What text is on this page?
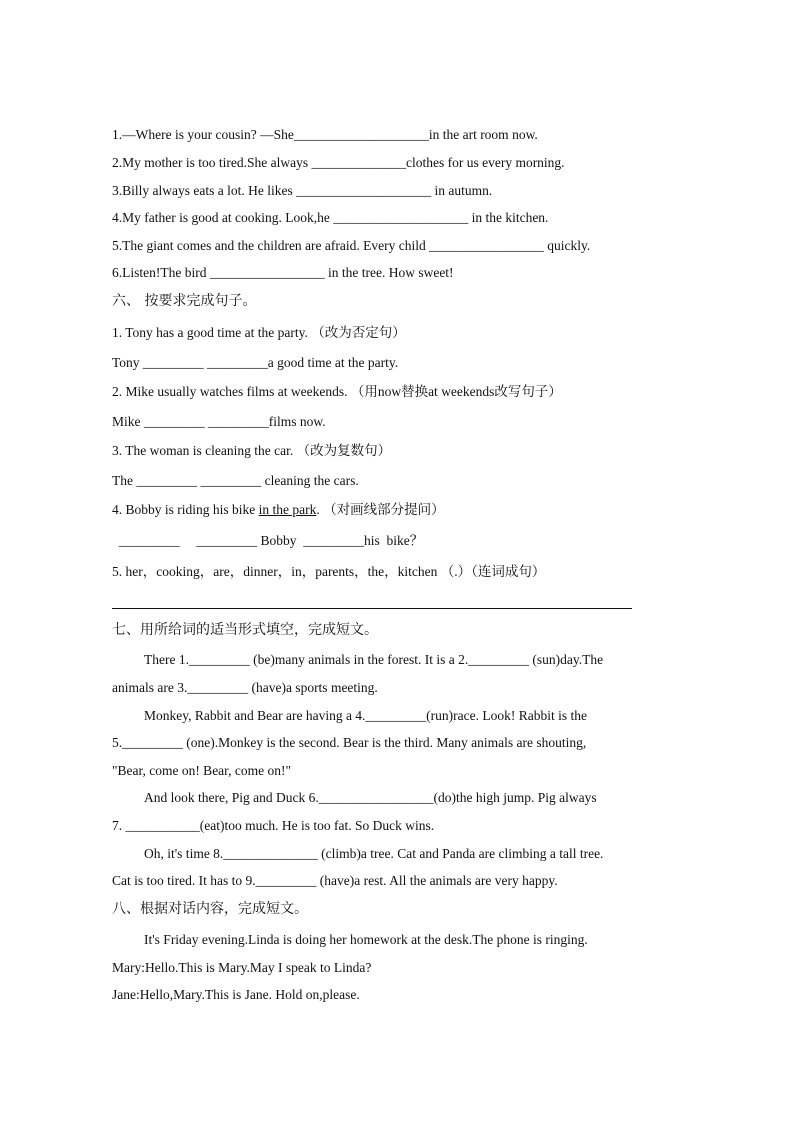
1.—Where is your cousin? —She____________________in the art room now.
2.My mother is too tired.She always ______________clothes for us every morning.
3.Billy always eats a lot. He likes ____________________ in autumn.
4.My father is good at cooking. Look,he ____________________ in the kitchen.
5.The giant comes and the children are afraid. Every child _________________ quickly.
6.Listen!The bird _________________ in the tree. How sweet!
六、 按要求完成句子。
1. Tony has a good time at the party. （改为否定句）
Tony _________ _________a good time at the party.
2. Mike usually watches films at weekends. （用now替换at weekends改写句子）
Mike _________ _________films now.
3. The woman is cleaning the car. （改为复数句）
The _________ _________ cleaning the cars.
4. Bobby is riding his bike in the park. （对画线部分提问）
_________     _________ Bobby  _________his  bike？
5. her，cooking，are，dinner，in，parents，the，kitchen （.）（连词成句）
七、用所给词的适当形式填空，完成短文。
There 1._________ (be)many animals in the forest. It is a 2._________ (sun)day.The
animals are 3._________ (have)a sports meeting.
Monkey, Rabbit and Bear are having a 4._________(run)race. Look! Rabbit is the
5._________ (one).Monkey is the second. Bear is the third. Many animals are shouting,
"Bear, come on! Bear, come on!"
And look there, Pig and Duck 6._________________(do)the high jump. Pig always
7. ___________(eat)too much. He is too fat. So Duck wins.
Oh, it's time 8.______________ (climb)a tree. Cat and Panda are climbing a tall tree.
Cat is too tired. It has to 9._________ (have)a rest. All the animals are very happy.
八、根据对话内容，完成短文。
It's Friday evening.Linda is doing her homework at the desk.The phone is ringing.
Mary:Hello.This is Mary.May I speak to Linda?
Jane:Hello,Mary.This is Jane. Hold on,please.
